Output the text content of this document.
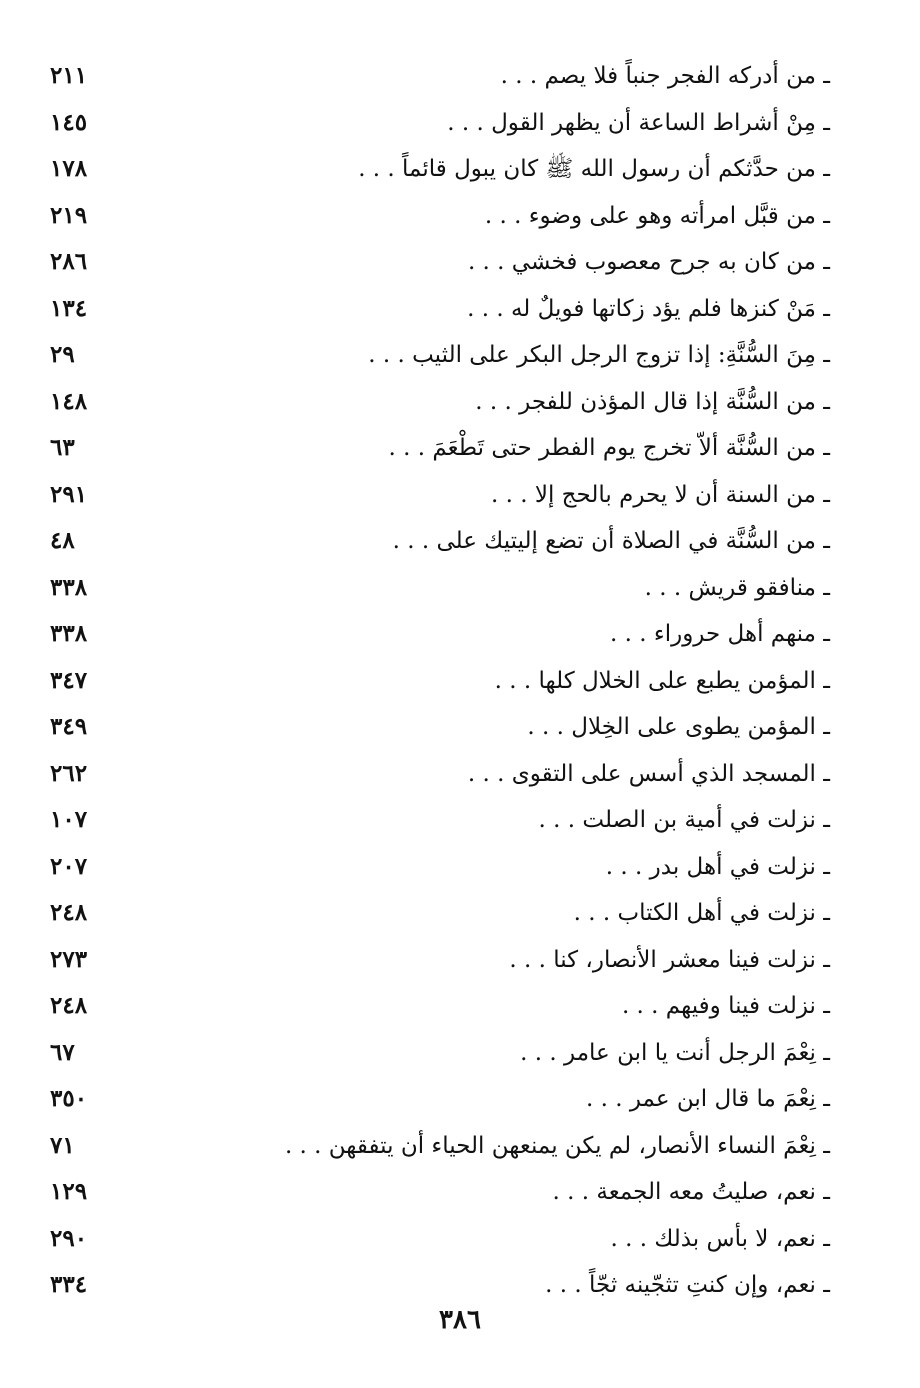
ـ من أدركه الفجر جنباً فلا يصم . . .
٢١١
ـ مِنْ أشراط الساعة أن يظهر القول . . .
١٤٥
ـ من حدَّثكم أن رسول الله ﷺ كان يبول قائماً . . .
١٧٨
ـ من قبَّل امرأته وهو على وضوء . . .
٢١٩
ـ من كان به جرح معصوب فخشي . . .
٢٨٦
ـ مَنْ كنزها فلم يؤد زكاتها فويلٌ له . . .
١٣٤
ـ مِنَ السُّنَّةِ: إذا تزوج الرجل البكر على الثيب . . .
٢٩
ـ من السُّنَّة إذا قال المؤذن للفجر . . .
١٤٨
ـ من السُّنَّة ألاّ تخرج يوم الفطر حتى تَطْعَمَ . . .
٦٣
ـ من السنة أن لا يحرم بالحج إلا . . .
٢٩١
ـ من السُّنَّة في الصلاة أن تضع إليتيك على . . .
٤٨
ـ منافقو قريش . . .
٣٣٨
ـ منهم أهل حروراء . . .
٣٣٨
ـ المؤمن يطبع على الخلال كلها . . .
٣٤٧
ـ المؤمن يطوى على الخِلال . . .
٣٤٩
ـ المسجد الذي أسس على التقوى . . .
٢٦٢
ـ نزلت في أمية بن الصلت . . .
١٠٧
ـ نزلت في أهل بدر . . .
٢٠٧
ـ نزلت في أهل الكتاب . . .
٢٤٨
ـ نزلت فينا معشر الأنصار، كنا . . .
٢٧٣
ـ نزلت فينا وفيهم . . .
٢٤٨
ـ نِعْمَ الرجل أنت يا ابن عامر . . .
٦٧
ـ نِعْمَ ما قال ابن عمر . . .
٣٥٠
ـ نِعْمَ النساء الأنصار، لم يكن يمنعهن الحياء أن يتفقهن . . .
٧١
ـ نعم، صليتُ معه الجمعة . . .
١٢٩
ـ نعم، لا بأس بذلك . . .
٢٩٠
ـ نعم، وإن كنتِ تثجّينه ثجّاً . . .
٣٣٤
٣٨٦
